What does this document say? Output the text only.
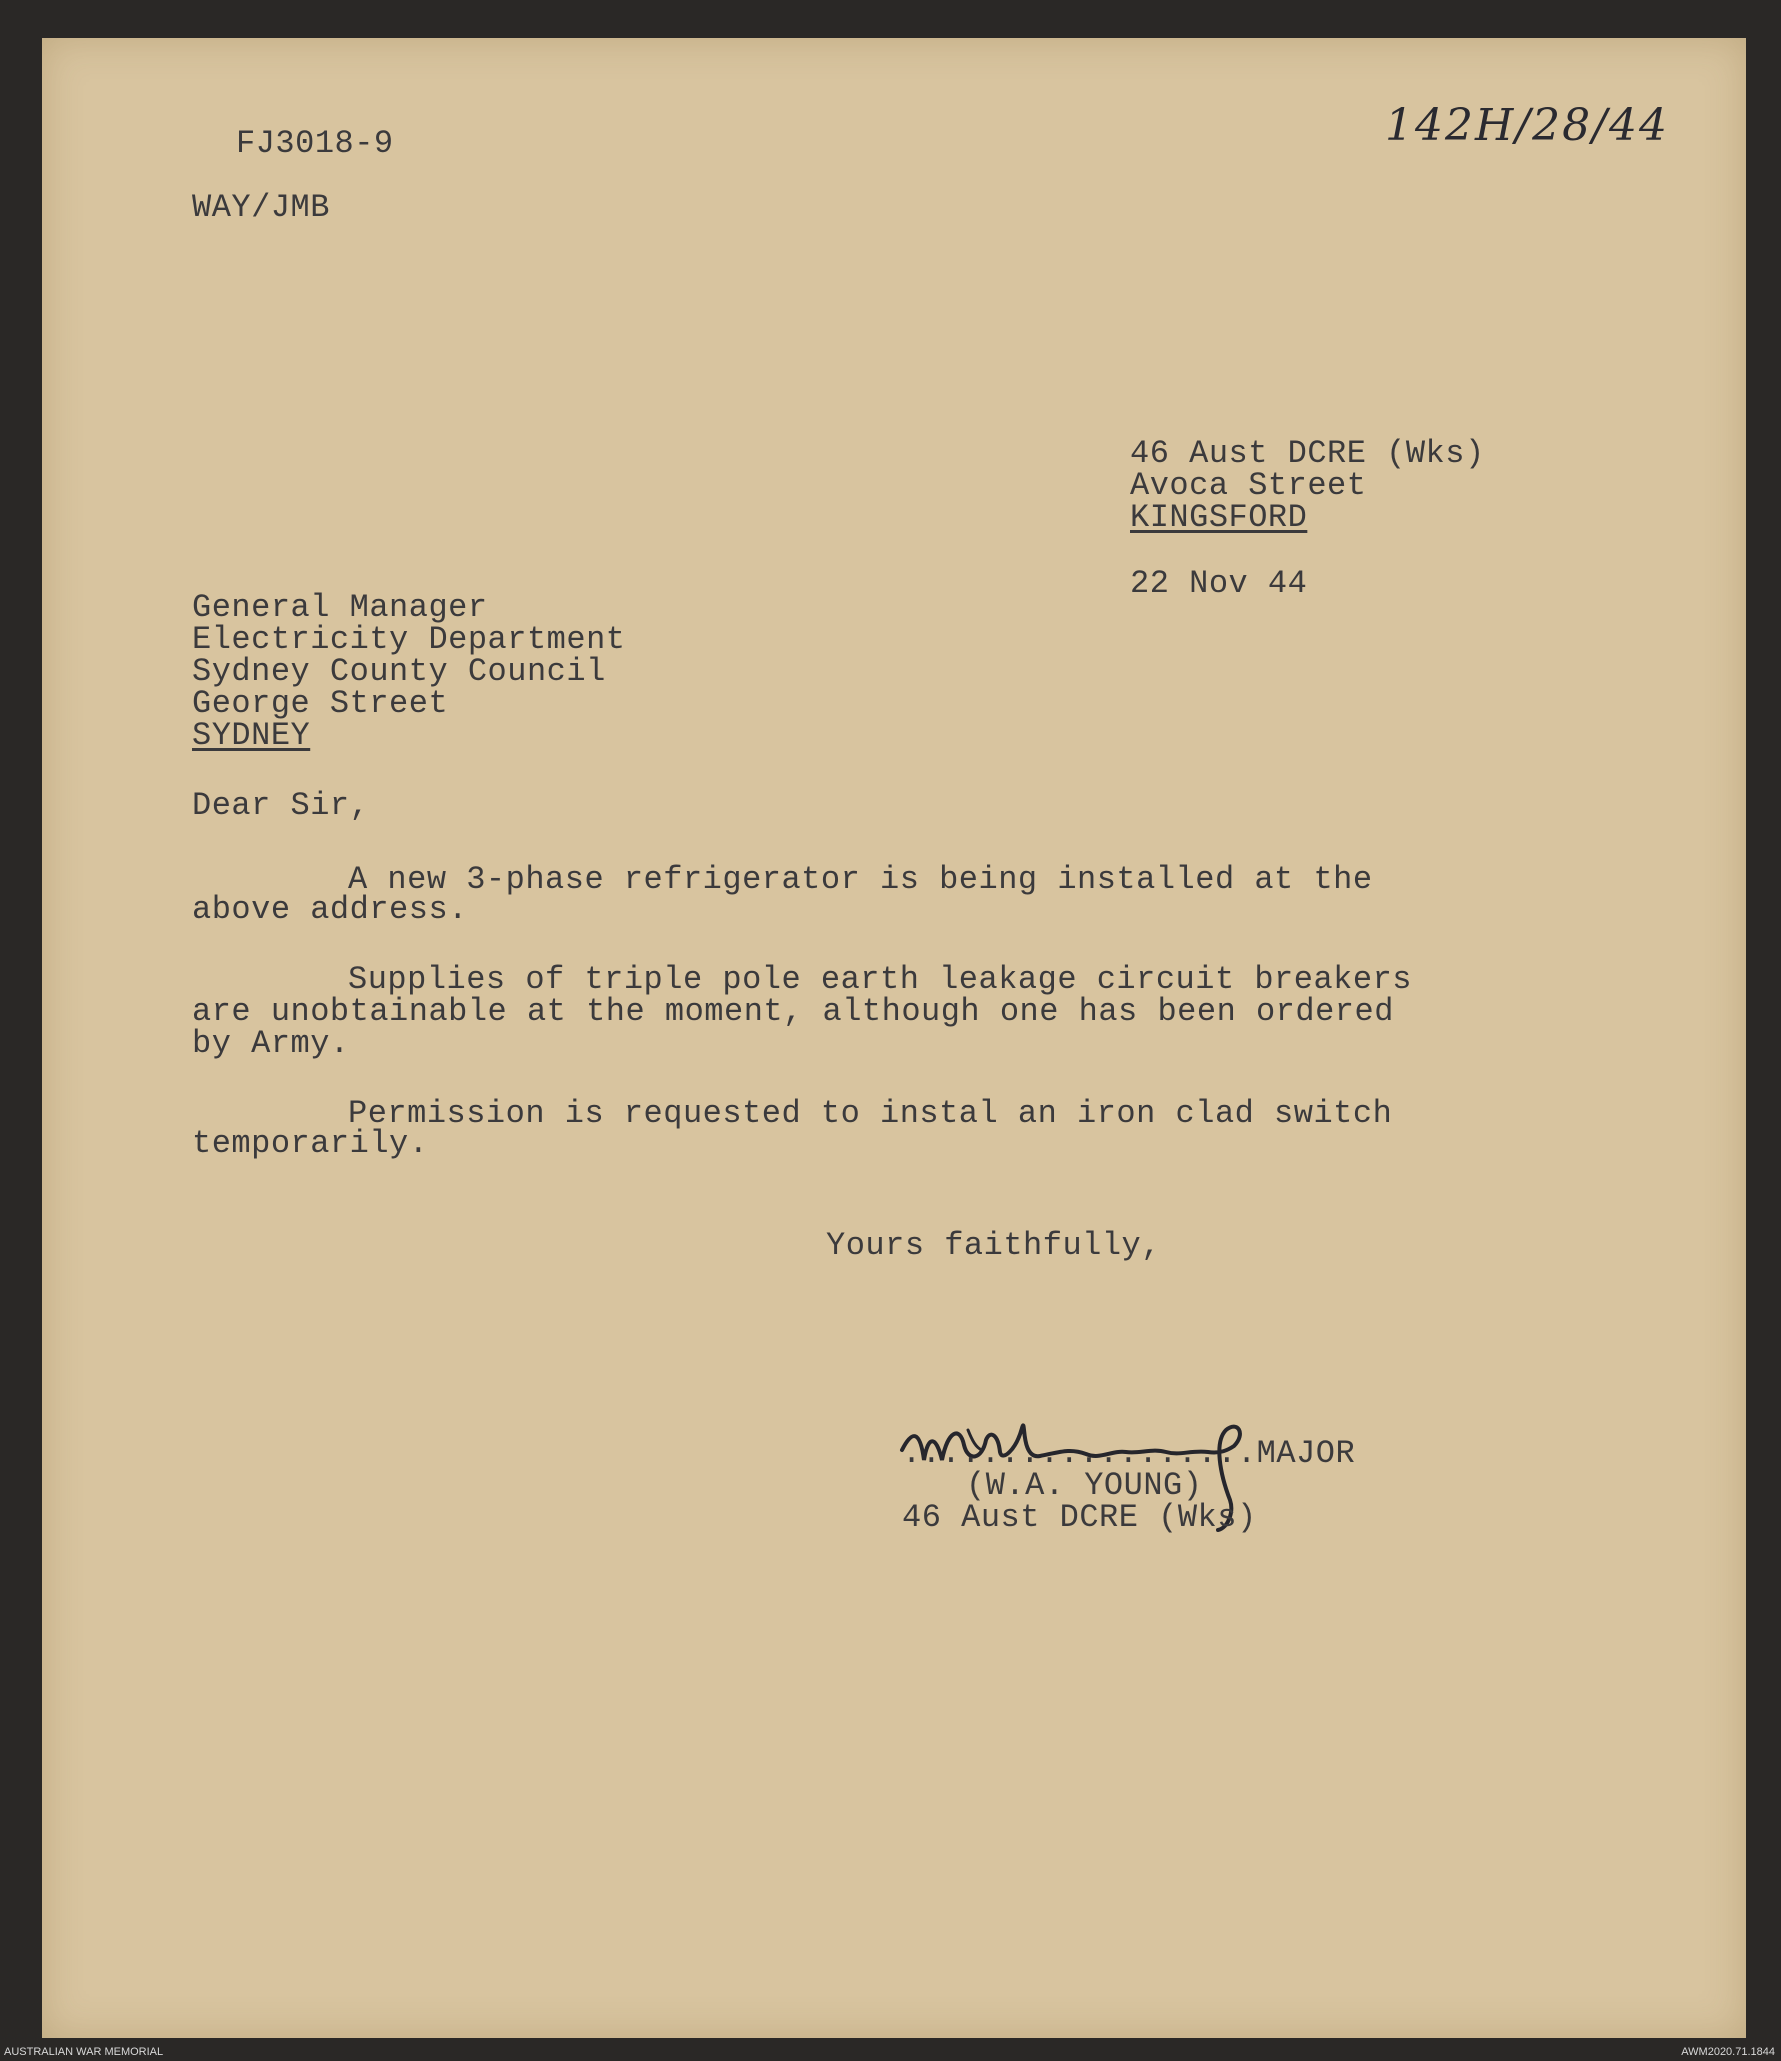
FJ3018-9
WAY/JMB
142H/28/44
46 Aust DCRE (Wks)
Avoca Street
KINGSFORD
22 Nov 44
General Manager
Electricity Department
Sydney County Council
George Street
SYDNEY
Dear Sir,
A new 3-phase refrigerator is being installed at the
above address.
Supplies of triple pole earth leakage circuit breakers
are unobtainable at the moment, although one has been ordered
by Army.
Permission is requested to instal an iron clad switch
temporarily.
Yours faithfully,
..................MAJOR
(W.A. YOUNG)
46 Aust DCRE (Wks)
AUSTRALIAN WAR MEMORIAL	AWM2020.71.1844
